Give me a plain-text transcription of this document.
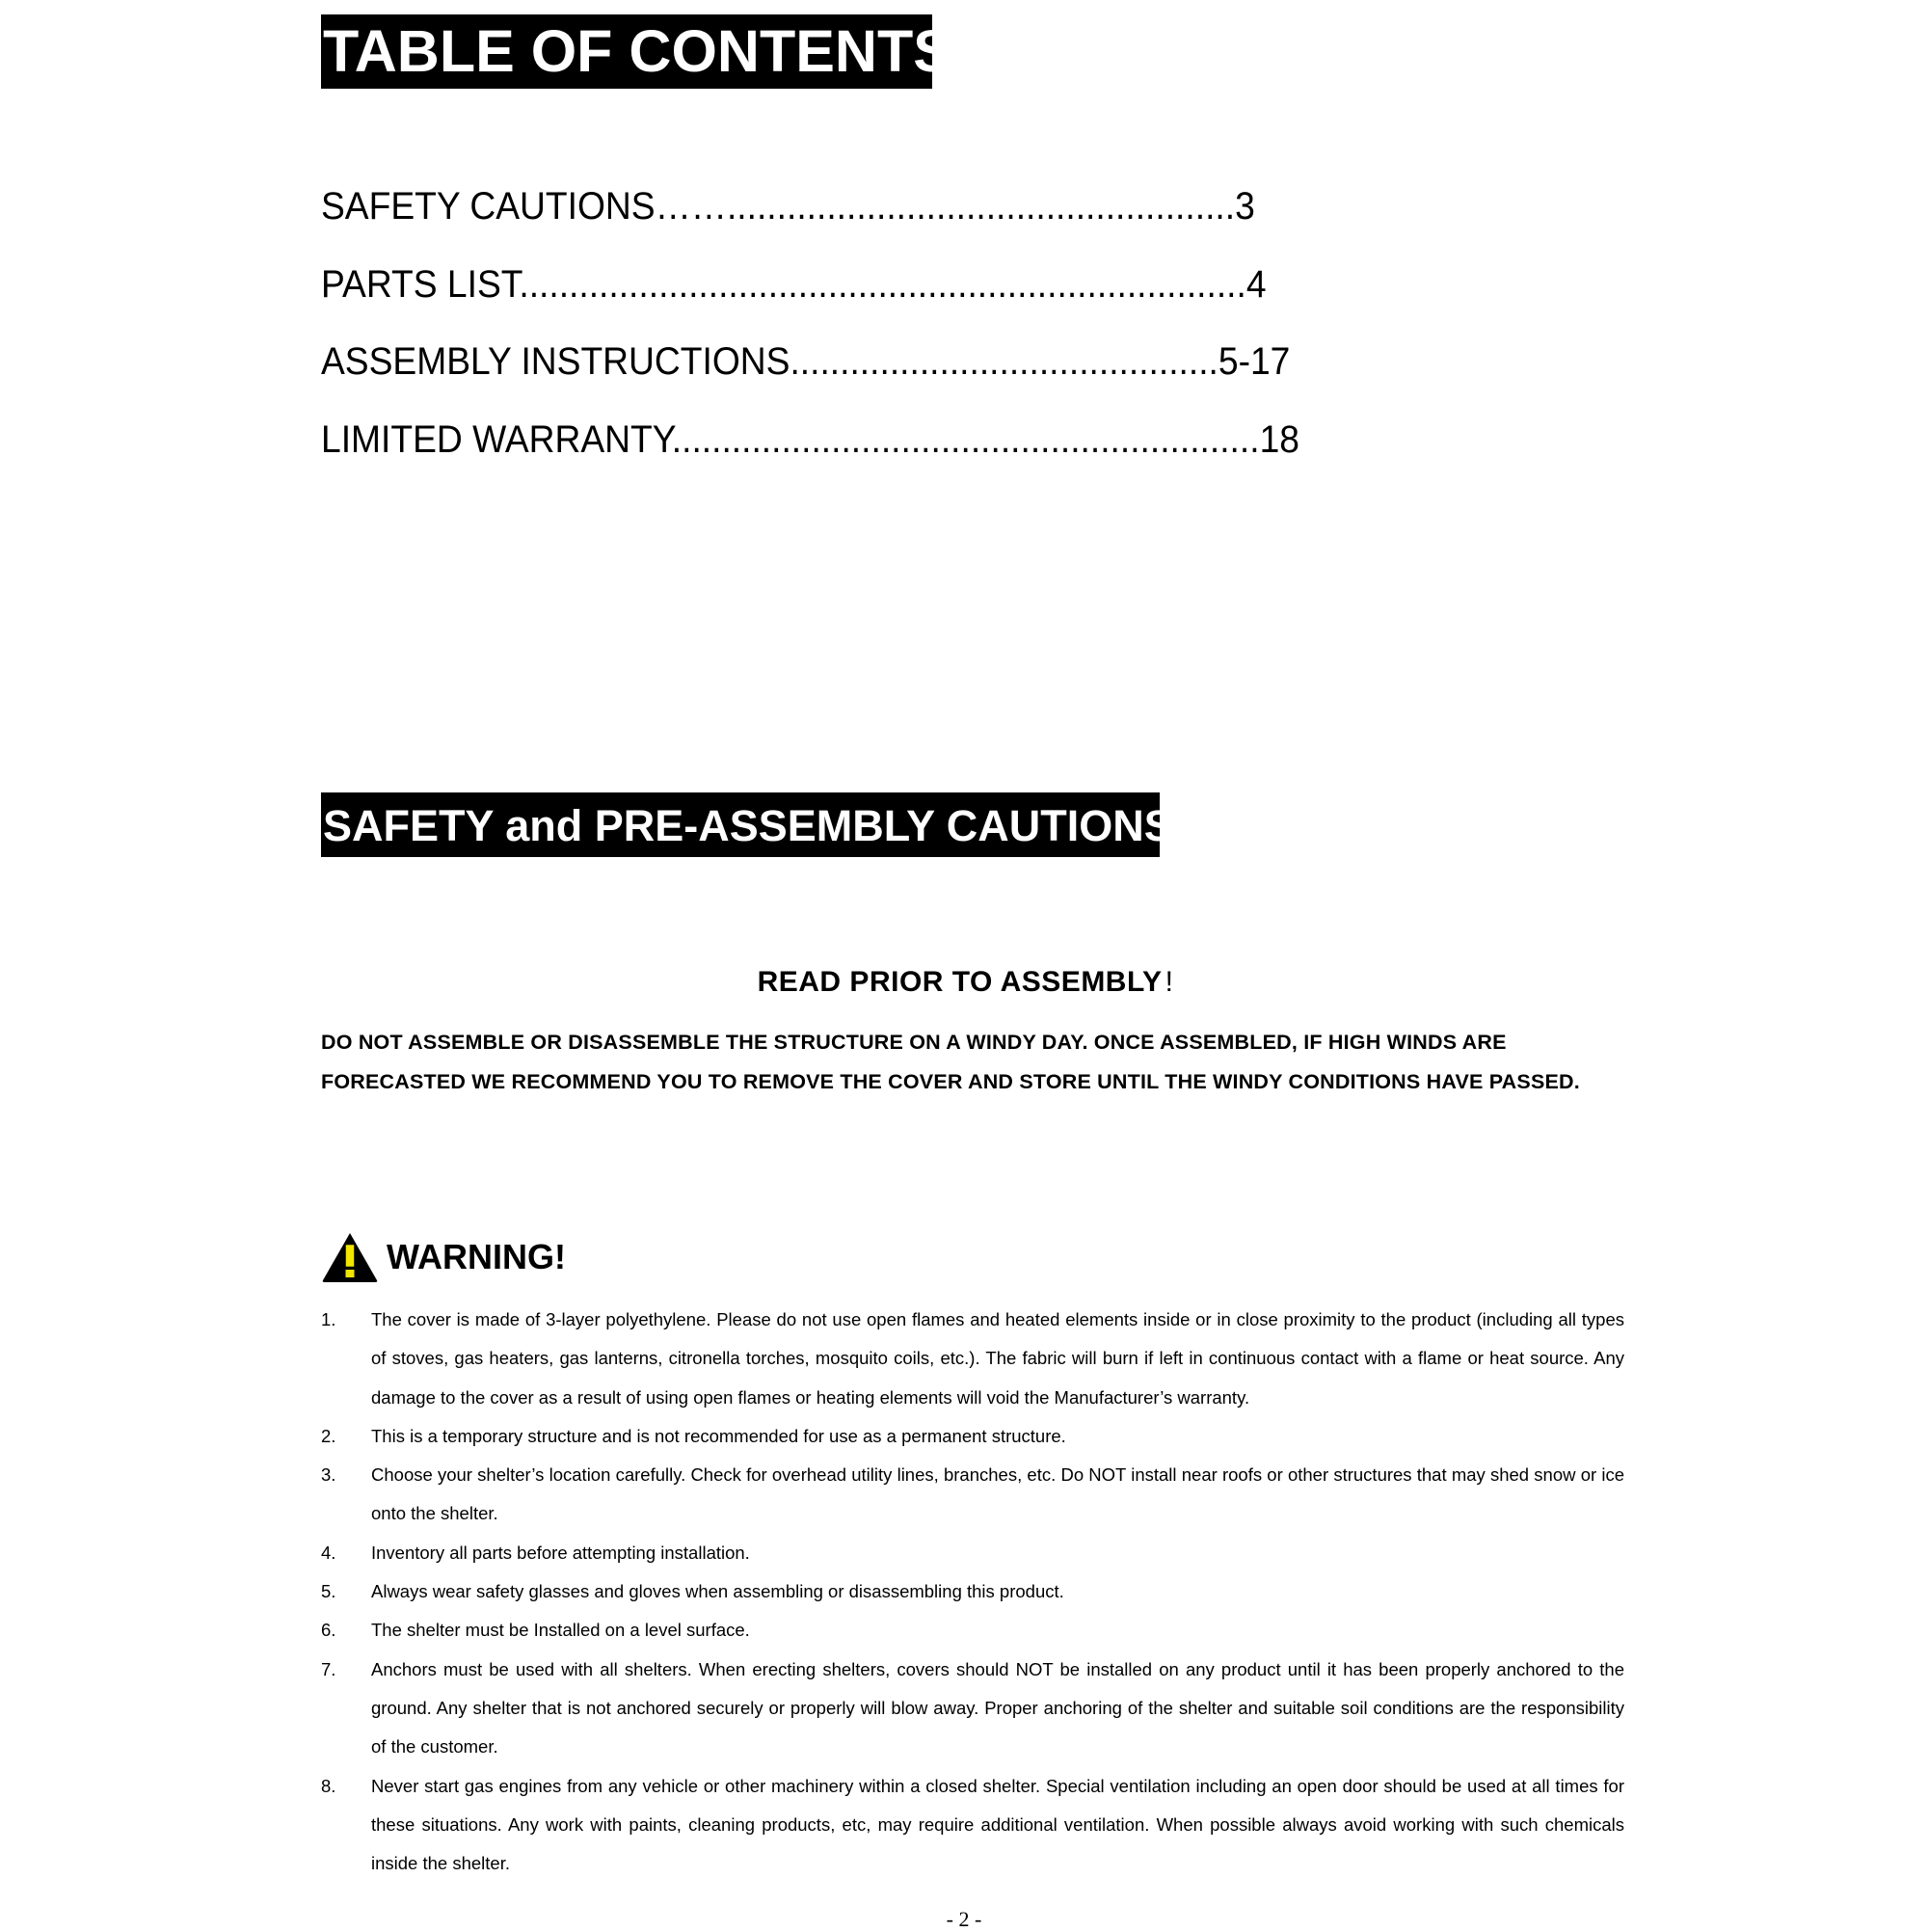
TABLE OF CONTENTS
SAFETY CAUTIONS……...................................................3
PARTS LIST.........................................................................4
ASSEMBLY INSTRUCTIONS...........................................5-17
LIMITED WARRANTY...........................................................18
SAFETY and PRE-ASSEMBLY CAUTIONS
READ PRIOR TO ASSEMBLY !
DO NOT ASSEMBLE OR DISASSEMBLE THE STRUCTURE ON A WINDY DAY. ONCE ASSEMBLED, IF HIGH WINDS ARE
FORECASTED WE RECOMMEND YOU TO REMOVE THE COVER AND STORE UNTIL THE WINDY CONDITIONS HAVE PASSED.
WARNING!
1. The cover is made of 3-layer polyethylene. Please do not use open flames and heated elements inside or in close proximity to the product (including all types of stoves, gas heaters, gas lanterns, citronella torches, mosquito coils, etc.). The fabric will burn if left in continuous contact with a flame or heat source. Any damage to the cover as a result of using open flames or heating elements will void the Manufacturer’s warranty.
2. This is a temporary structure and is not recommended for use as a permanent structure.
3. Choose your shelter’s location carefully. Check for overhead utility lines, branches, etc. Do NOT install near roofs or other structures that may shed snow or ice onto the shelter.
4. Inventory all parts before attempting installation.
5. Always wear safety glasses and gloves when assembling or disassembling this product.
6. The shelter must be Installed on a level surface.
7. Anchors must be used with all shelters. When erecting shelters, covers should NOT be installed on any product until it has been properly anchored to the ground. Any shelter that is not anchored securely or properly will blow away. Proper anchoring of the shelter and suitable soil conditions are the responsibility of the customer.
8. Never start gas engines from any vehicle or other machinery within a closed shelter. Special ventilation including an open door should be used at all times for these situations. Any work with paints, cleaning products, etc, may require additional ventilation. When possible always avoid working with such chemicals inside the shelter.
- 2 -
